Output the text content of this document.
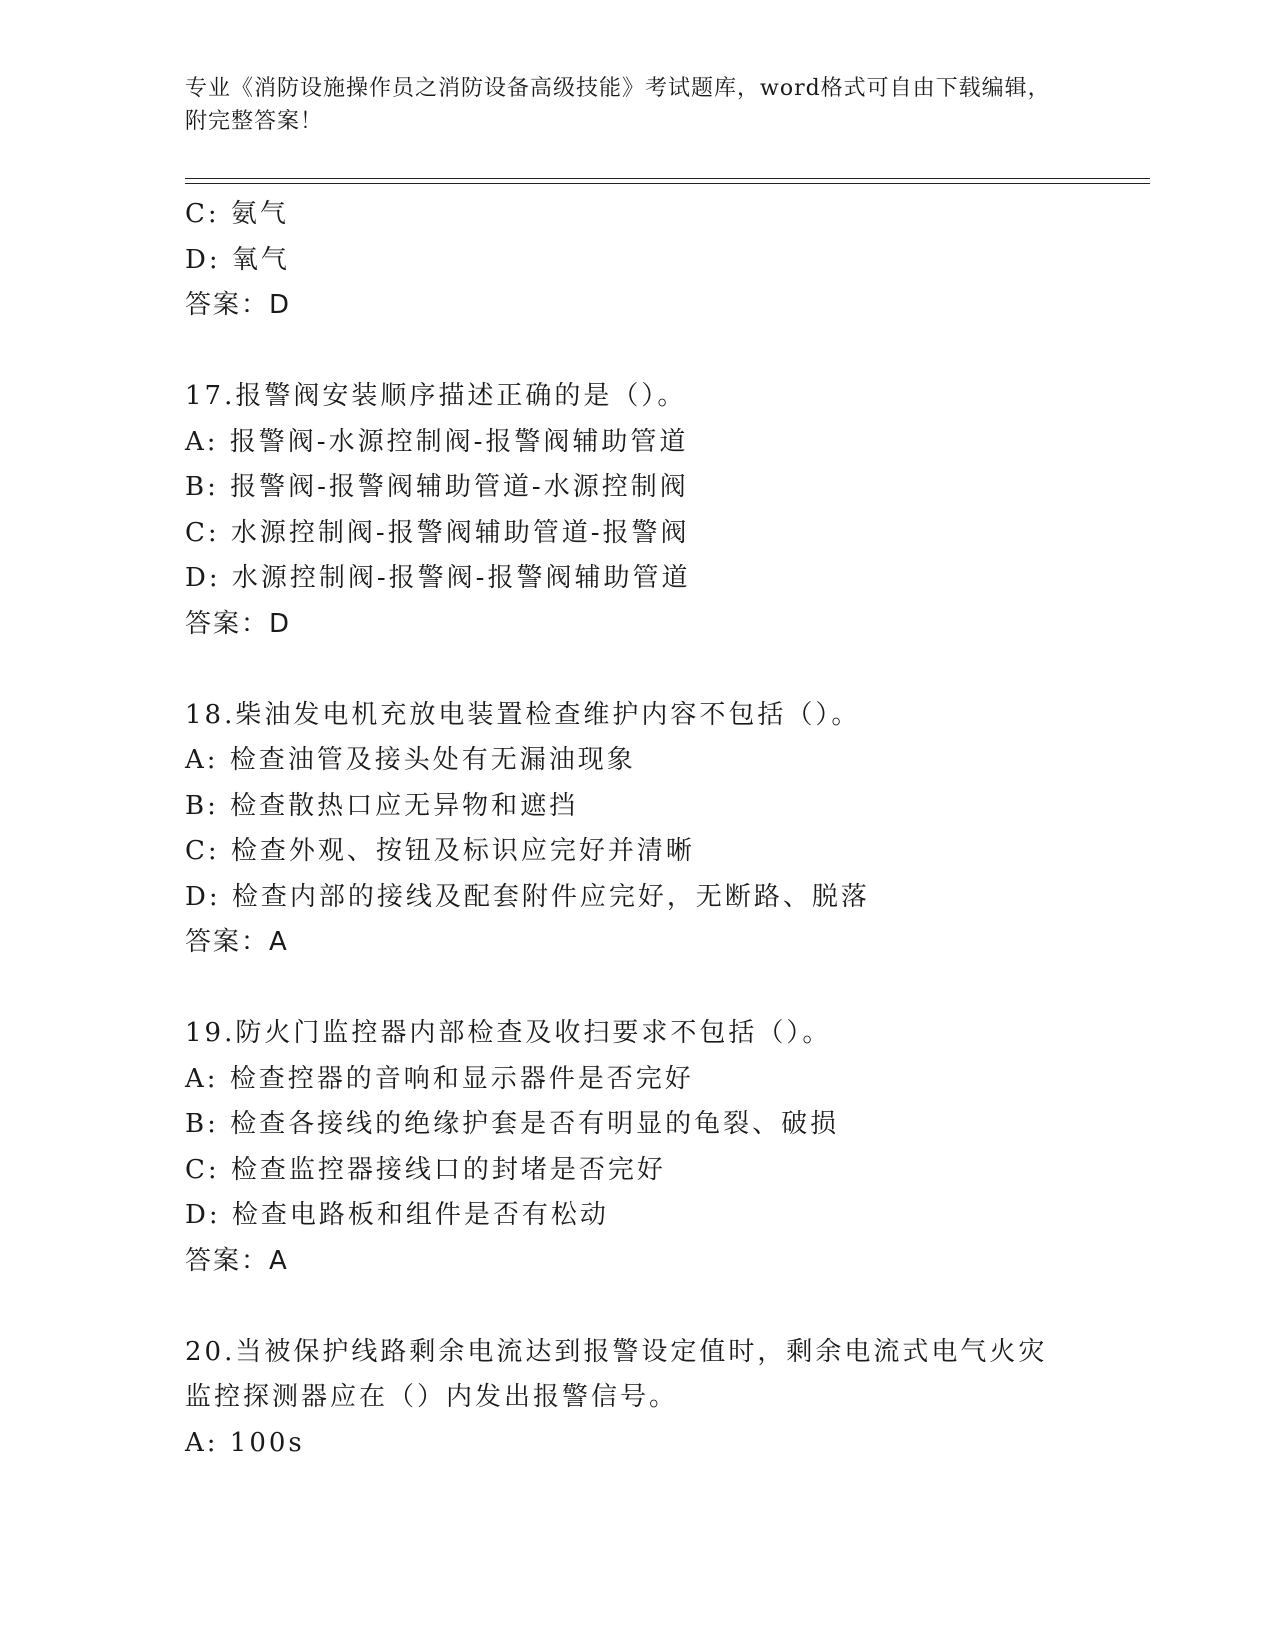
专业《消防设施操作员之消防设备高级技能》考试题库，word格式可自由下载编辑，附完整答案！
C: 氨气
D: 氧气
答案：D
17.报警阀安装顺序描述正确的是（）。
A: 报警阀-水源控制阀-报警阀辅助管道
B: 报警阀-报警阀辅助管道-水源控制阀
C: 水源控制阀-报警阀辅助管道-报警阀
D: 水源控制阀-报警阀-报警阀辅助管道
答案：D
18.柴油发电机充放电装置检查维护内容不包括（）。
A: 检查油管及接头处有无漏油现象
B: 检查散热口应无异物和遮挡
C: 检查外观、按钮及标识应完好并清晰
D: 检查内部的接线及配套附件应完好，无断路、脱落
答案：A
19.防火门监控器内部检查及收扫要求不包括（）。
A: 检查控器的音响和显示器件是否完好
B: 检查各接线的绝缘护套是否有明显的龟裂、破损
C: 检查监控器接线口的封堵是否完好
D: 检查电路板和组件是否有松动
答案：A
20.当被保护线路剩余电流达到报警设定值时，剩余电流式电气火灾监控探测器应在（）内发出报警信号。
A: 100s
